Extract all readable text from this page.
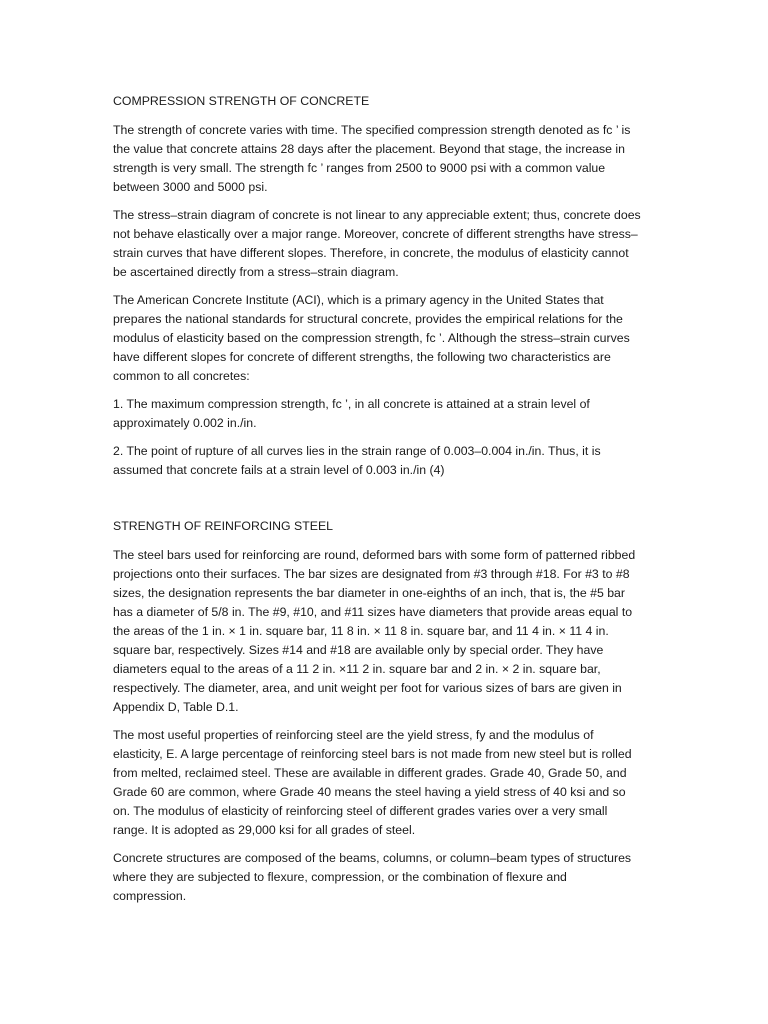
COMPRESSION STRENGTH OF CONCRETE

The strength of concrete varies with time. The specified compression strength denoted as fc ’ is the value that concrete attains 28 days after the placement. Beyond that stage, the increase in strength is very small. The strength fc ’ ranges from 2500 to 9000 psi with a common value between 3000 and 5000 psi.

The stress–strain diagram of concrete is not linear to any appreciable extent; thus, concrete does not behave elastically over a major range. Moreover, concrete of different strengths have stress–strain curves that have different slopes. Therefore, in concrete, the modulus of elasticity cannot be ascertained directly from a stress–strain diagram.

The American Concrete Institute (ACI), which is a primary agency in the United States that prepares the national standards for structural concrete, provides the empirical relations for the modulus of elasticity based on the compression strength, fc ’. Although the stress–strain curves have different slopes for concrete of different strengths, the following two characteristics are common to all concretes:

1. The maximum compression strength, fc ’, in all concrete is attained at a strain level of approximately 0.002 in./in.

2. The point of rupture of all curves lies in the strain range of 0.003–0.004 in./in. Thus, it is assumed that concrete fails at a strain level of 0.003 in./in (4)

STRENGTH OF REINFORCING STEEL

The steel bars used for reinforcing are round, deformed bars with some form of patterned ribbed projections onto their surfaces. The bar sizes are designated from #3 through #18. For #3 to #8 sizes, the designation represents the bar diameter in one-eighths of an inch, that is, the #5 bar has a diameter of 5/8 in. The #9, #10, and #11 sizes have diameters that provide areas equal to the areas of the 1 in. × 1 in. square bar, 11 8 in. × 11 8 in. square bar, and 11 4 in. × 11 4 in. square bar, respectively. Sizes #14 and #18 are available only by special order. They have diameters equal to the areas of a 11 2 in. ×11 2 in. square bar and 2 in. × 2 in. square bar, respectively. The diameter, area, and unit weight per foot for various sizes of bars are given in Appendix D, Table D.1.

The most useful properties of reinforcing steel are the yield stress, fy and the modulus of elasticity, E. A large percentage of reinforcing steel bars is not made from new steel but is rolled from melted, reclaimed steel. These are available in different grades. Grade 40, Grade 50, and Grade 60 are common, where Grade 40 means the steel having a yield stress of 40 ksi and so on. The modulus of elasticity of reinforcing steel of different grades varies over a very small range. It is adopted as 29,000 ksi for all grades of steel.

Concrete structures are composed of the beams, columns, or column–beam types of structures where they are subjected to flexure, compression, or the combination of flexure and compression.
